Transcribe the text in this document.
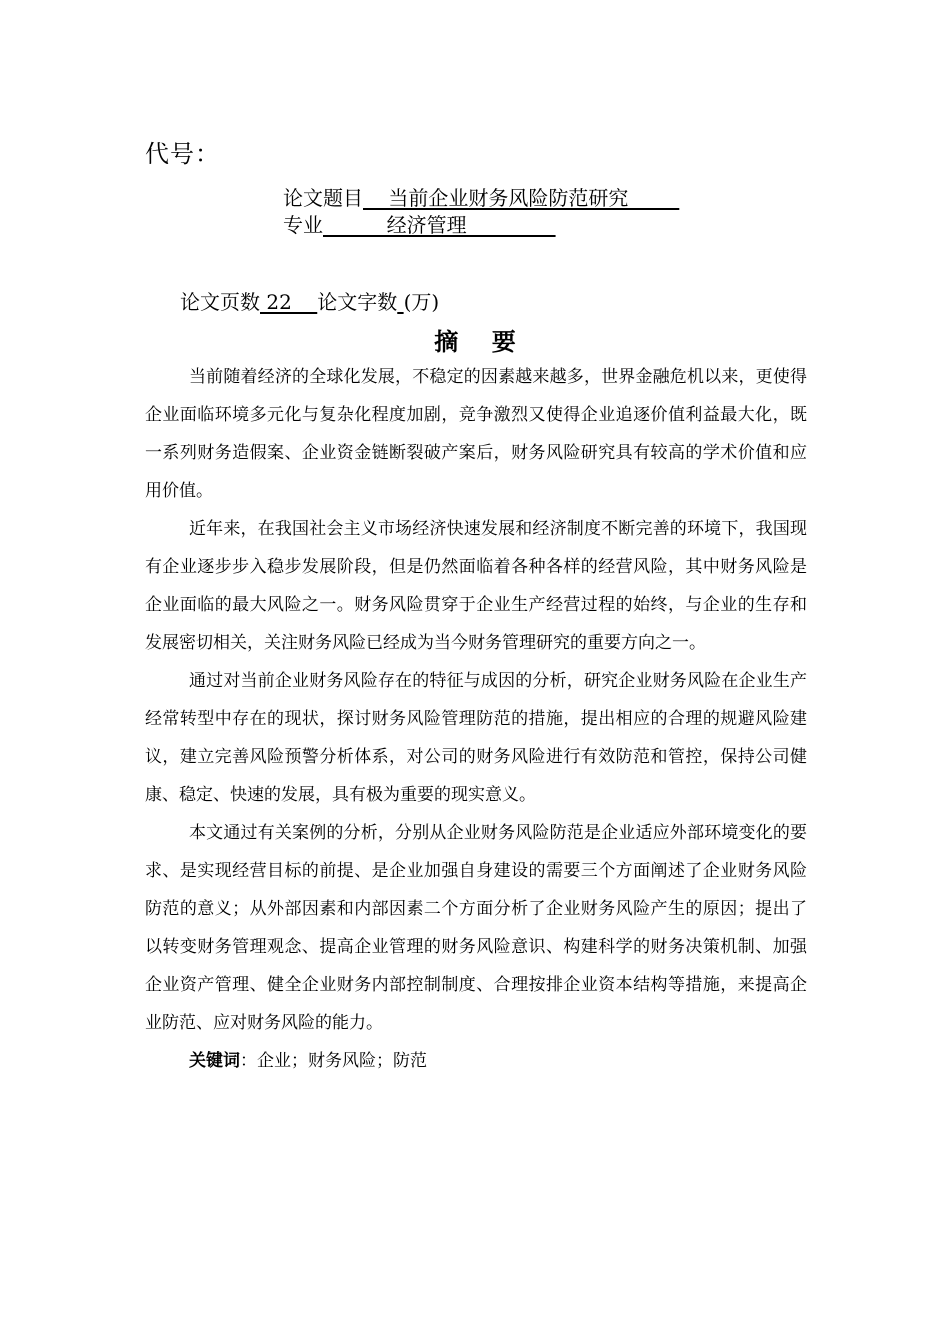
代号：
论文题目    当前企业财务风险防范研究
专业          经济管理
论文页数 22    论文字数 (万)
摘    要

当前随着经济的全球化发展，不稳定的因素越来越多，世界金融危机以来，更使得企业面临环境多元化与复杂化程度加剧，竞争激烈又使得企业追逐价值利益最大化，既一系列财务造假案、企业资金链断裂破产案后，财务风险研究具有较高的学术价值和应用价值。

近年来，在我国社会主义市场经济快速发展和经济制度不断完善的环境下，我国现有企业逐步步入稳步发展阶段，但是仍然面临着各种各样的经营风险，其中财务风险是企业面临的最大风险之一。财务风险贯穿于企业生产经营过程的始终，与企业的生存和发展密切相关，关注财务风险已经成为当今财务管理研究的重要方向之一。

通过对当前企业财务风险存在的特征与成因的分析，研究企业财务风险在企业生产经常转型中存在的现状，探讨财务风险管理防范的措施，提出相应的合理的规避风险建议，建立完善风险预警分析体系，对公司的财务风险进行有效防范和管控，保持公司健康、稳定、快速的发展，具有极为重要的现实意义。

本文通过有关案例的分析，分别从企业财务风险防范是企业适应外部环境变化的要求、是实现经营目标的前提、是企业加强自身建设的需要三个方面阐述了企业财务风险防范的意义；从外部因素和内部因素二个方面分析了企业财务风险产生的原因；提出了以转变财务管理观念、提高企业管理的财务风险意识、构建科学的财务决策机制、加强企业资产管理、健全企业财务内部控制制度、合理按排企业资本结构等措施，来提高企业防范、应对财务风险的能力。

关键词：企业；财务风险；防范
